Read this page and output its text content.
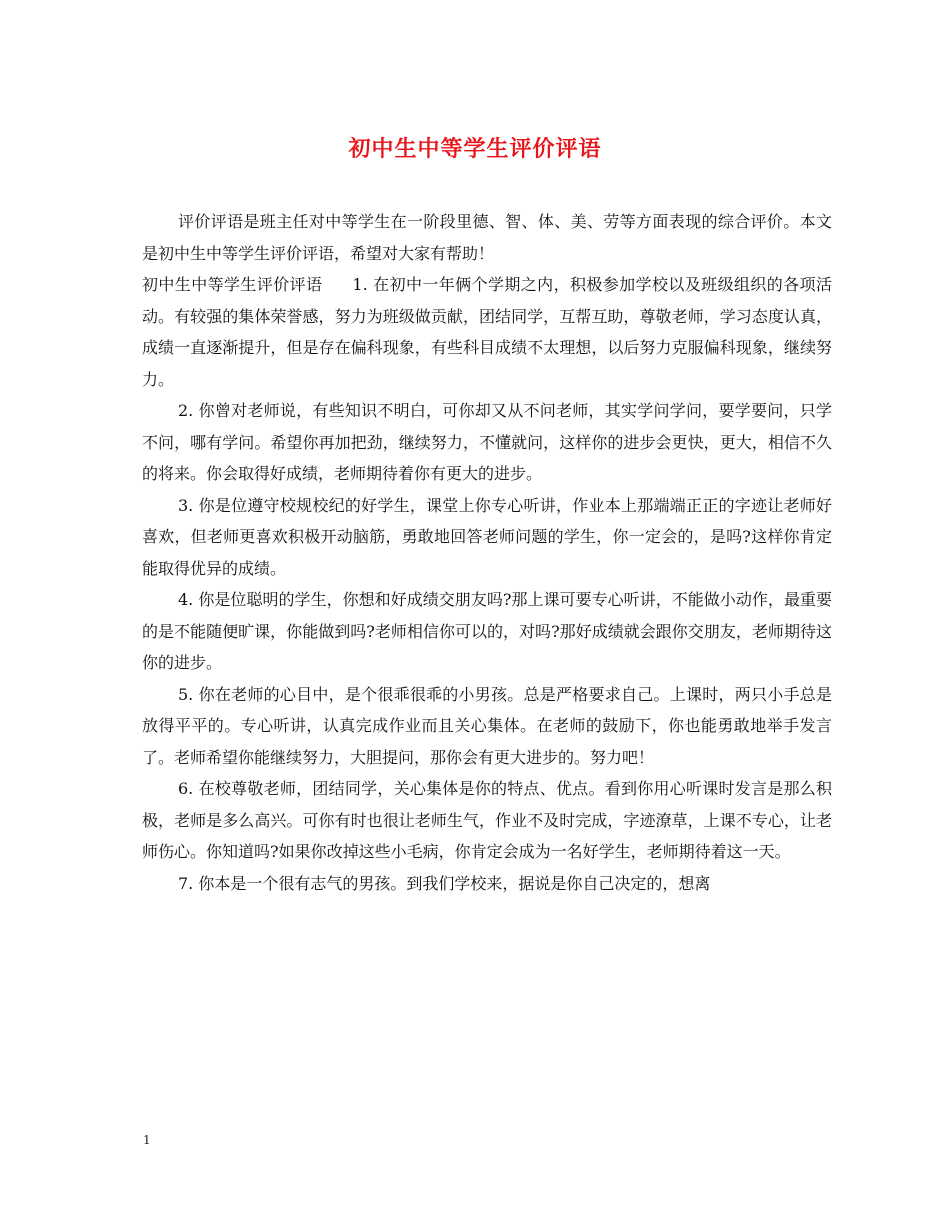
初中生中等学生评价评语

评价评语是班主任对中等学生在一阶段里德、智、体、美、劳等方面表现的综合评价。本文是初中生中等学生评价评语，希望对大家有帮助！

初中生中等学生评价评语 1. 在初中一年俩个学期之内，积极参加学校以及班级组织的各项活动。有较强的集体荣誉感，努力为班级做贡献，团结同学，互帮互助，尊敬老师，学习态度认真，成绩一直逐渐提升，但是存在偏科现象，有些科目成绩不太理想，以后努力克服偏科现象，继续努力。

2. 你曾对老师说，有些知识不明白，可你却又从不问老师，其实学问学问，要学要问，只学不问，哪有学问。希望你再加把劲，继续努力，不懂就问，这样你的进步会更快，更大，相信不久的将来。你会取得好成绩，老师期待着你有更大的进步。

3. 你是位遵守校规校纪的好学生，课堂上你专心听讲，作业本上那端端正正的字迹让老师好喜欢，但老师更喜欢积极开动脑筋，勇敢地回答老师问题的学生，你一定会的，是吗?这样你肯定能取得优异的成绩。

4. 你是位聪明的学生，你想和好成绩交朋友吗?那上课可要专心听讲，不能做小动作，最重要的是不能随便旷课，你能做到吗?老师相信你可以的，对吗?那好成绩就会跟你交朋友，老师期待这你的进步。

5. 你在老师的心目中，是个很乖很乖的小男孩。总是严格要求自己。上课时，两只小手总是放得平平的。专心听讲，认真完成作业而且关心集体。在老师的鼓励下，你也能勇敢地举手发言了。老师希望你能继续努力，大胆提问，那你会有更大进步的。努力吧！

6. 在校尊敬老师，团结同学，关心集体是你的特点、优点。看到你用心听课时发言是那么积极，老师是多么高兴。可你有时也很让老师生气，作业不及时完成，字迹潦草，上课不专心，让老师伤心。你知道吗?如果你改掉这些小毛病，你肯定会成为一名好学生，老师期待着这一天。

7. 你本是一个很有志气的男孩。到我们学校来，据说是你自己决定的，想离

1
